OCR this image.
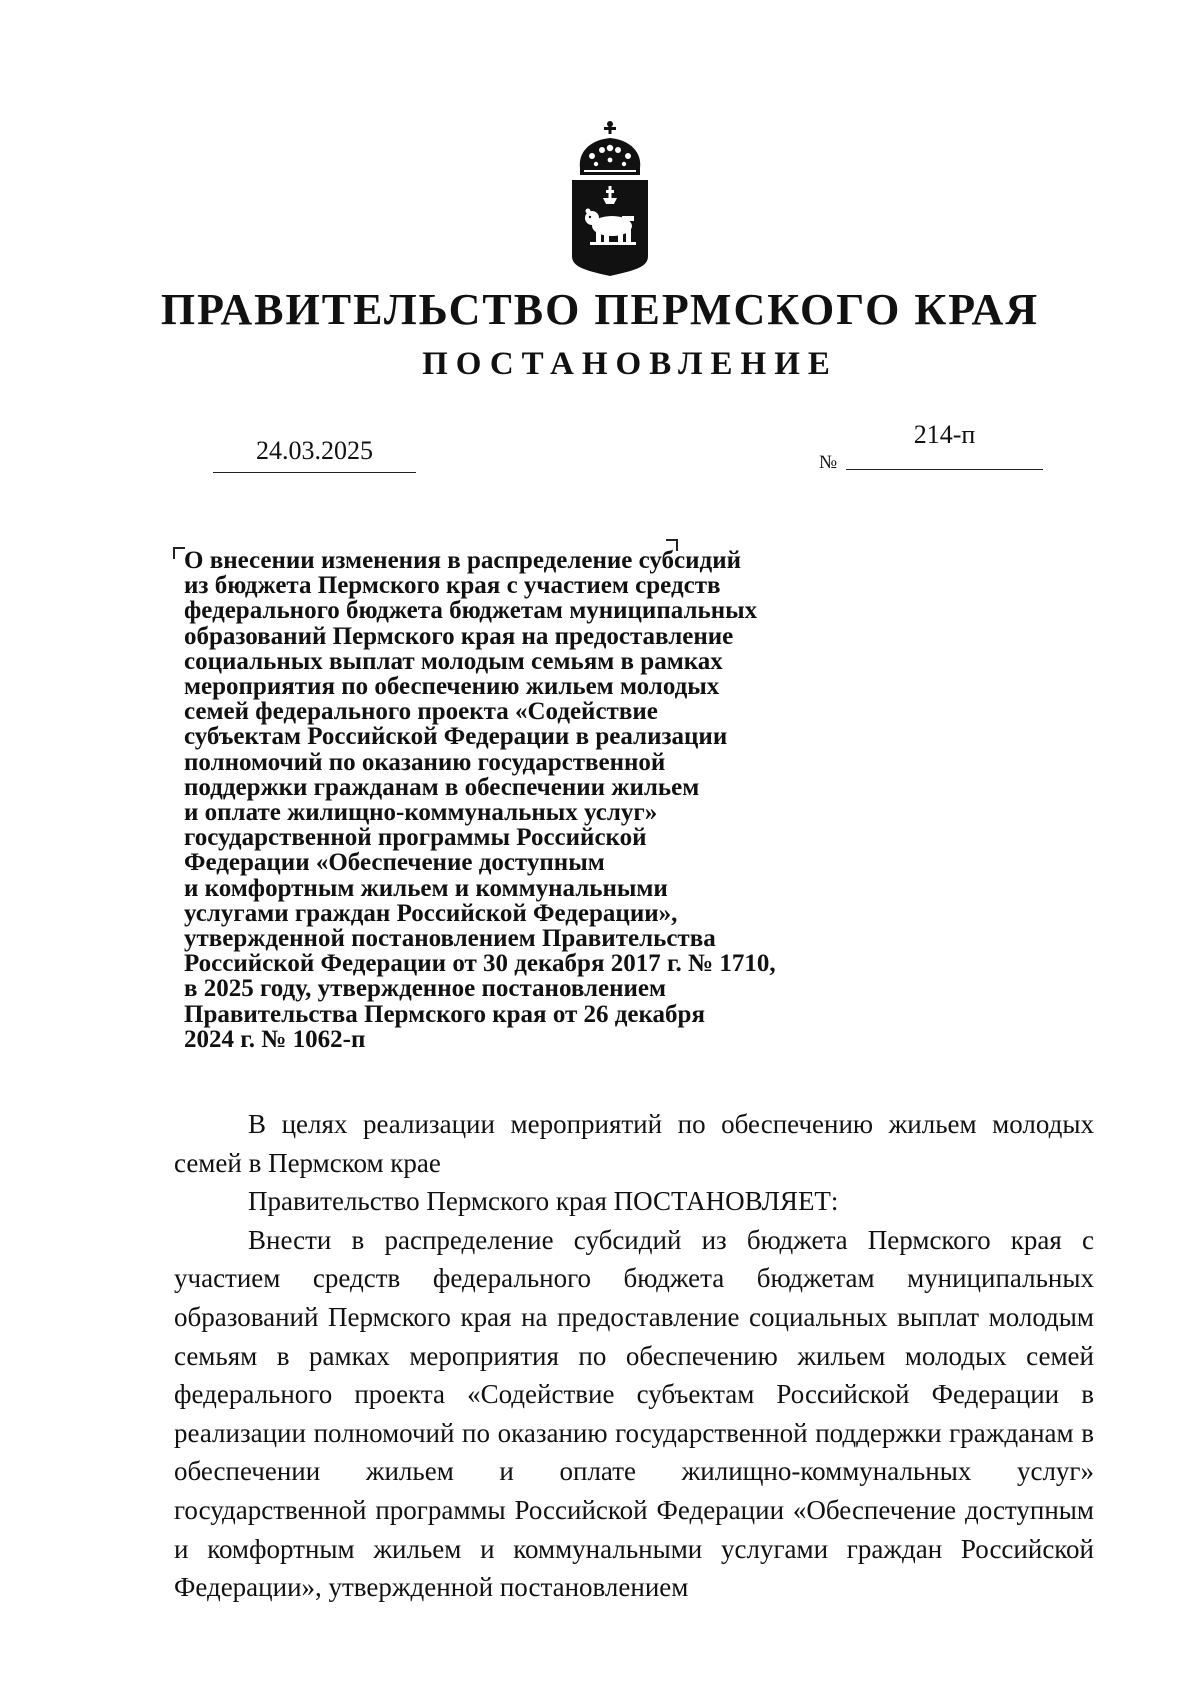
ПРАВИТЕЛЬСТВО ПЕРМСКОГО КРАЯ
ПОСТАНОВЛЕНИЕ
24.03.2025	№
214-п
О внесении изменения в распределение субсидий
из бюджета Пермского края с участием средств
федерального бюджета бюджетам муниципальных
образований Пермского края на предоставление
социальных выплат молодым семьям в рамках
мероприятия по обеспечению жильем молодых
семей федерального проекта «Содействие
субъектам Российской Федерации в реализации
полномочий по оказанию государственной
поддержки гражданам в обеспечении жильем
и оплате жилищно-коммунальных услуг»
государственной программы Российской
Федерации «Обеспечение доступным
и комфортным жильем и коммунальными
услугами граждан Российской Федерации»,
утвержденной постановлением Правительства
Российской Федерации от 30 декабря 2017 г. № 1710,
в 2025 году, утвержденное постановлением
Правительства Пермского края от 26 декабря
2024 г. № 1062-п

В целях реализации мероприятий по обеспечению жильем молодых семей в Пермском крае

Правительство Пермского края ПОСТАНОВЛЯЕТ:

Внести в распределение субсидий из бюджета Пермского края с участием средств федерального бюджета бюджетам муниципальных образований Пермского края на предоставление социальных выплат молодым семьям в рамках мероприятия по обеспечению жильем молодых семей федерального проекта «Содействие субъектам Российской Федерации в реализации полномочий по оказанию государственной поддержки гражданам в обеспечении жильем и оплате жилищно-коммунальных услуг» государственной программы Российской Федерации «Обеспечение доступным и комфортным жильем и коммунальными услугами граждан Российской Федерации», утвержденной постановлением
